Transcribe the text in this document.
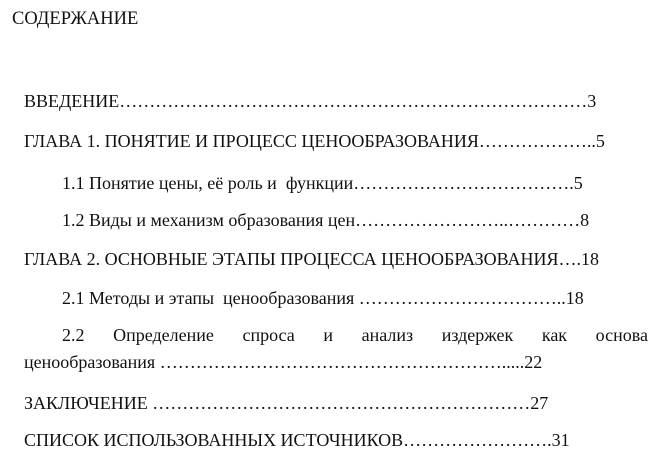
СОДЕРЖАНИЕ
ВВЕДЕНИЕ……………………………………………………………………3
ГЛАВА 1. ПОНЯТИЕ И ПРОЦЕСС ЦЕНООБРАЗОВАНИЯ………………..5
1.1 Понятие цены, её роль и  функции……………………………….5
1.2 Виды и механизм образования цен……………………..…………8
ГЛАВА 2. ОСНОВНЫЕ ЭТАПЫ ПРОЦЕССА ЦЕНООБРАЗОВАНИЯ….18
2.1 Методы и этапы  ценообразования ……………………………..18
2.2 Определение спроса и анализ издержек как основа
ценообразования ………………………………………………….....22
ЗАКЛЮЧЕНИЕ ………………………………………………………27
СПИСОК ИСПОЛЬЗОВАННЫХ ИСТОЧНИКОВ…………………….31
